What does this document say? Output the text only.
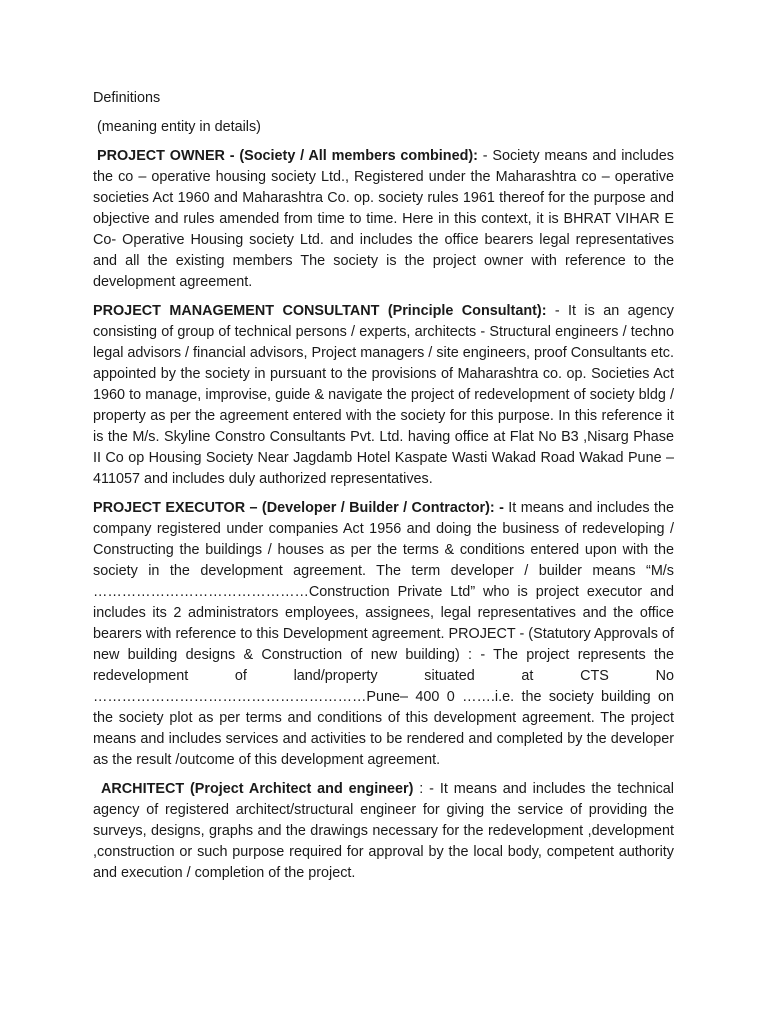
Definitions

(meaning entity in details)

PROJECT OWNER - (Society / All members combined): - Society means and includes the co – operative housing society Ltd., Registered under the Maharashtra co – operative societies Act 1960 and Maharashtra Co. op. society rules 1961 thereof for the purpose and objective and rules amended from time to time. Here in this context, it is BHRAT VIHAR E Co- Operative Housing society Ltd. and includes the office bearers legal representatives and all the existing members The society is the project owner with reference to the development agreement.

PROJECT MANAGEMENT CONSULTANT (Principle Consultant): - It is an agency consisting of group of technical persons / experts, architects - Structural engineers / techno legal advisors / financial advisors, Project managers / site engineers, proof Consultants etc. appointed by the society in pursuant to the provisions of Maharashtra co. op. Societies Act 1960 to manage, improvise, guide & navigate the project of redevelopment of society bldg / property as per the agreement entered with the society for this purpose. In this reference it is the M/s. Skyline Constro Consultants Pvt. Ltd. having office at Flat No B3 ,Nisarg Phase II Co op Housing Society Near Jagdamb Hotel Kaspate Wasti Wakad Road Wakad Pune –411057 and includes duly authorized representatives.

PROJECT EXECUTOR – (Developer / Builder / Contractor): - It means and includes the company registered under companies Act 1956 and doing the business of redeveloping / Constructing the buildings / houses as per the terms & conditions entered upon with the society in the development agreement. The term developer / builder means “M/s ………………………………………Construction Private Ltd” who is project executor and includes its 2 administrators employees, assignees, legal representatives and the office bearers with reference to this Development agreement. PROJECT - (Statutory Approvals of new building designs & Construction of new building) : - The project represents the redevelopment of land/property situated at CTS No …………………………………………………Pune– 400 0 …….i.e. the society building on the society plot as per terms and conditions of this development agreement. The project means and includes services and activities to be rendered and completed by the developer as the result /outcome of this development agreement.

ARCHITECT (Project Architect and engineer) : - It means and includes the technical agency of registered architect/structural engineer for giving the service of providing the surveys, designs, graphs and the drawings necessary for the redevelopment ,development ,construction or such purpose required for approval by the local body, competent authority and execution / completion of the project.
